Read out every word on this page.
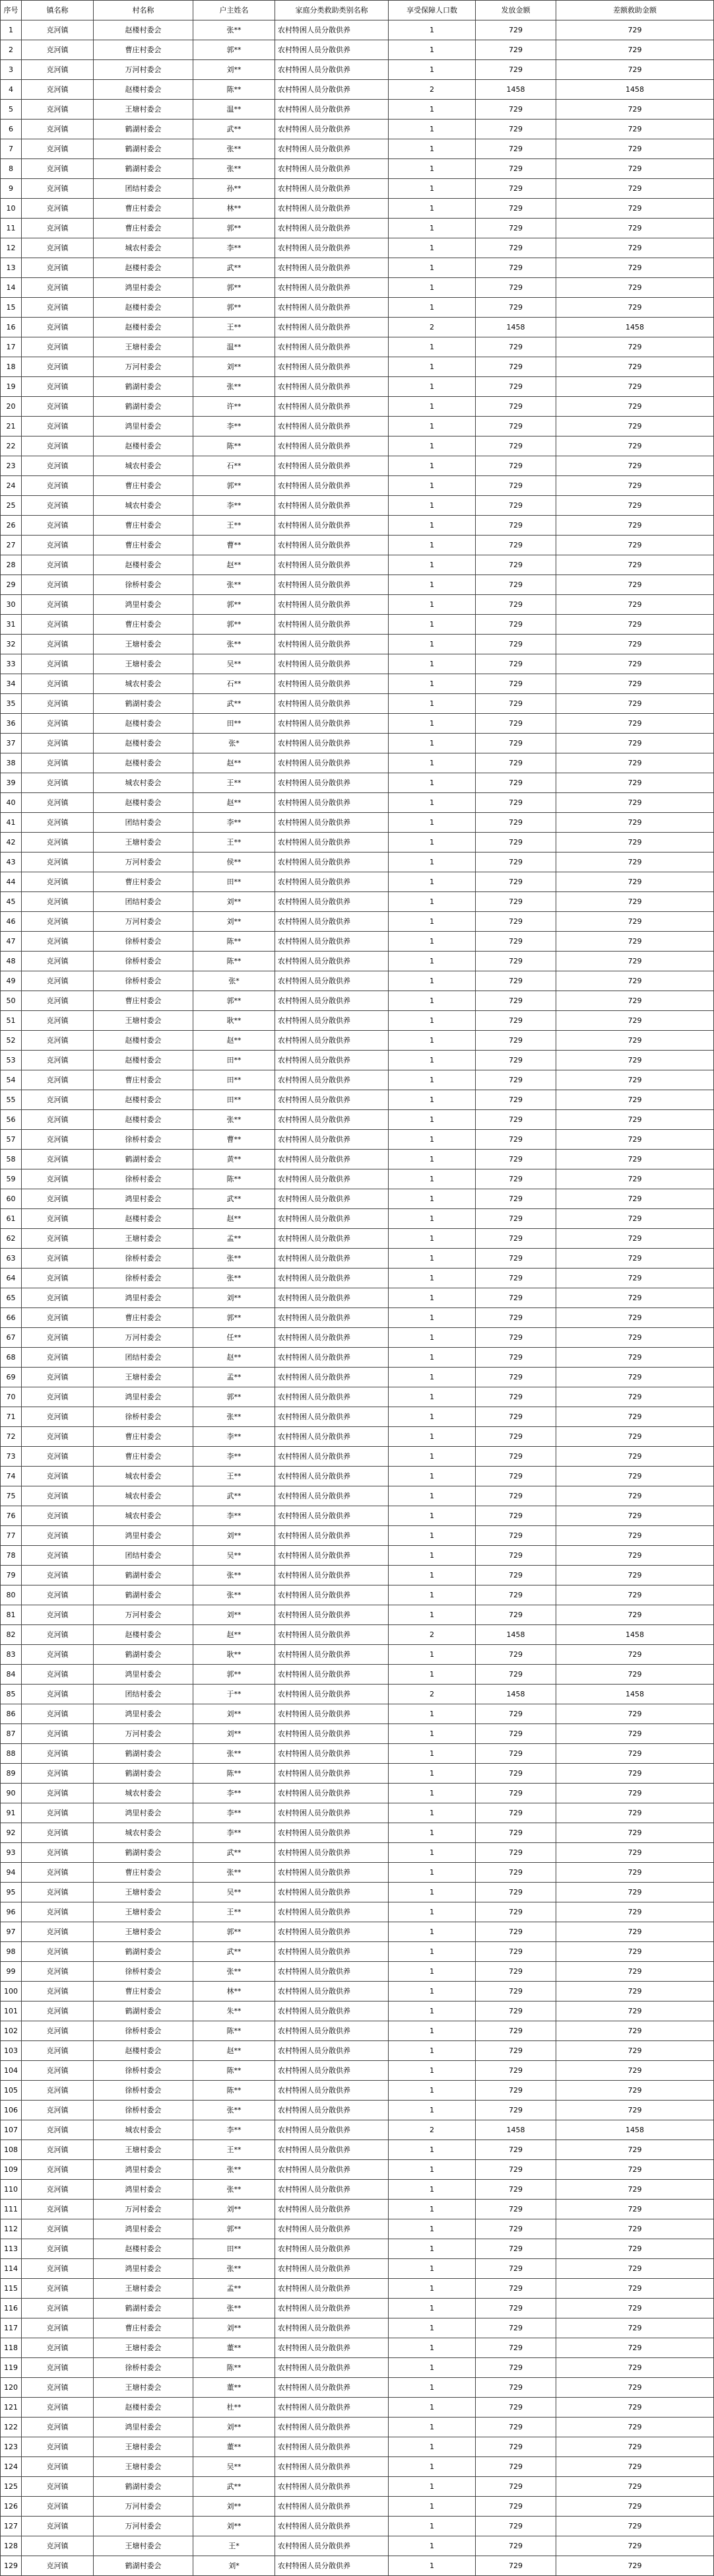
序号	镇名称	村名称	户主姓名	家庭分类救助类别名称	享受保障人口数	发放金额	差额救助金额
1	克河镇	赵楼村委会	张**	农村特困人员分散供养	1	729	729
2	克河镇	曹庄村委会	郭**	农村特困人员分散供养	1	729	729
3	克河镇	万河村委会	刘**	农村特困人员分散供养	1	729	729
4	克河镇	赵楼村委会	陈**	农村特困人员分散供养	2	1458	1458
5	克河镇	王塘村委会	温**	农村特困人员分散供养	1	729	729
6	克河镇	鹤湖村委会	武**	农村特困人员分散供养	1	729	729
7	克河镇	鹤湖村委会	张**	农村特困人员分散供养	1	729	729
8	克河镇	鹤湖村委会	张**	农村特困人员分散供养	1	729	729
9	克河镇	团结村委会	孙**	农村特困人员分散供养	1	729	729
10	克河镇	曹庄村委会	林**	农村特困人员分散供养	1	729	729
11	克河镇	曹庄村委会	郭**	农村特困人员分散供养	1	729	729
12	克河镇	城农村委会	李**	农村特困人员分散供养	1	729	729
13	克河镇	赵楼村委会	武**	农村特困人员分散供养	1	729	729
14	克河镇	鸿里村委会	郭**	农村特困人员分散供养	1	729	729
15	克河镇	赵楼村委会	郭**	农村特困人员分散供养	1	729	729
16	克河镇	赵楼村委会	王**	农村特困人员分散供养	2	1458	1458
17	克河镇	王塘村委会	温**	农村特困人员分散供养	1	729	729
18	克河镇	万河村委会	刘**	农村特困人员分散供养	1	729	729
19	克河镇	鹤湖村委会	张**	农村特困人员分散供养	1	729	729
20	克河镇	鹤湖村委会	许**	农村特困人员分散供养	1	729	729
21	克河镇	鸿里村委会	李**	农村特困人员分散供养	1	729	729
22	克河镇	赵楼村委会	陈**	农村特困人员分散供养	1	729	729
23	克河镇	城农村委会	石**	农村特困人员分散供养	1	729	729
24	克河镇	曹庄村委会	郭**	农村特困人员分散供养	1	729	729
25	克河镇	城农村委会	李**	农村特困人员分散供养	1	729	729
26	克河镇	曹庄村委会	王**	农村特困人员分散供养	1	729	729
27	克河镇	曹庄村委会	曹**	农村特困人员分散供养	1	729	729
28	克河镇	赵楼村委会	赵**	农村特困人员分散供养	1	729	729
29	克河镇	徐桥村委会	张**	农村特困人员分散供养	1	729	729
30	克河镇	鸿里村委会	郭**	农村特困人员分散供养	1	729	729
31	克河镇	曹庄村委会	郭**	农村特困人员分散供养	1	729	729
32	克河镇	王塘村委会	张**	农村特困人员分散供养	1	729	729
33	克河镇	王塘村委会	吴**	农村特困人员分散供养	1	729	729
34	克河镇	城农村委会	石**	农村特困人员分散供养	1	729	729
35	克河镇	鹤湖村委会	武**	农村特困人员分散供养	1	729	729
36	克河镇	赵楼村委会	田**	农村特困人员分散供养	1	729	729
37	克河镇	赵楼村委会	张*	农村特困人员分散供养	1	729	729
38	克河镇	赵楼村委会	赵**	农村特困人员分散供养	1	729	729
39	克河镇	城农村委会	王**	农村特困人员分散供养	1	729	729
40	克河镇	赵楼村委会	赵**	农村特困人员分散供养	1	729	729
41	克河镇	团结村委会	李**	农村特困人员分散供养	1	729	729
42	克河镇	王塘村委会	王**	农村特困人员分散供养	1	729	729
43	克河镇	万河村委会	侯**	农村特困人员分散供养	1	729	729
44	克河镇	曹庄村委会	田**	农村特困人员分散供养	1	729	729
45	克河镇	团结村委会	刘**	农村特困人员分散供养	1	729	729
46	克河镇	万河村委会	刘**	农村特困人员分散供养	1	729	729
47	克河镇	徐桥村委会	陈**	农村特困人员分散供养	1	729	729
48	克河镇	徐桥村委会	陈**	农村特困人员分散供养	1	729	729
49	克河镇	徐桥村委会	张*	农村特困人员分散供养	1	729	729
50	克河镇	曹庄村委会	郭**	农村特困人员分散供养	1	729	729
51	克河镇	王塘村委会	耿**	农村特困人员分散供养	1	729	729
52	克河镇	赵楼村委会	赵**	农村特困人员分散供养	1	729	729
53	克河镇	赵楼村委会	田**	农村特困人员分散供养	1	729	729
54	克河镇	曹庄村委会	田**	农村特困人员分散供养	1	729	729
55	克河镇	赵楼村委会	田**	农村特困人员分散供养	1	729	729
56	克河镇	赵楼村委会	张**	农村特困人员分散供养	1	729	729
57	克河镇	徐桥村委会	曹**	农村特困人员分散供养	1	729	729
58	克河镇	鹤湖村委会	黄**	农村特困人员分散供养	1	729	729
59	克河镇	徐桥村委会	陈**	农村特困人员分散供养	1	729	729
60	克河镇	鸿里村委会	武**	农村特困人员分散供养	1	729	729
61	克河镇	赵楼村委会	赵**	农村特困人员分散供养	1	729	729
62	克河镇	王塘村委会	孟**	农村特困人员分散供养	1	729	729
63	克河镇	徐桥村委会	张**	农村特困人员分散供养	1	729	729
64	克河镇	徐桥村委会	张**	农村特困人员分散供养	1	729	729
65	克河镇	鸿里村委会	刘**	农村特困人员分散供养	1	729	729
66	克河镇	曹庄村委会	郭**	农村特困人员分散供养	1	729	729
67	克河镇	万河村委会	任**	农村特困人员分散供养	1	729	729
68	克河镇	团结村委会	赵**	农村特困人员分散供养	1	729	729
69	克河镇	王塘村委会	孟**	农村特困人员分散供养	1	729	729
70	克河镇	鸿里村委会	郭**	农村特困人员分散供养	1	729	729
71	克河镇	徐桥村委会	张**	农村特困人员分散供养	1	729	729
72	克河镇	曹庄村委会	李**	农村特困人员分散供养	1	729	729
73	克河镇	曹庄村委会	李**	农村特困人员分散供养	1	729	729
74	克河镇	城农村委会	王**	农村特困人员分散供养	1	729	729
75	克河镇	城农村委会	武**	农村特困人员分散供养	1	729	729
76	克河镇	城农村委会	李**	农村特困人员分散供养	1	729	729
77	克河镇	鸿里村委会	刘**	农村特困人员分散供养	1	729	729
78	克河镇	团结村委会	吴**	农村特困人员分散供养	1	729	729
79	克河镇	鹤湖村委会	张**	农村特困人员分散供养	1	729	729
80	克河镇	鹤湖村委会	张**	农村特困人员分散供养	1	729	729
81	克河镇	万河村委会	刘**	农村特困人员分散供养	1	729	729
82	克河镇	赵楼村委会	赵**	农村特困人员分散供养	2	1458	1458
83	克河镇	鹤湖村委会	耿**	农村特困人员分散供养	1	729	729
84	克河镇	鸿里村委会	郭**	农村特困人员分散供养	1	729	729
85	克河镇	团结村委会	于**	农村特困人员分散供养	2	1458	1458
86	克河镇	鸿里村委会	刘**	农村特困人员分散供养	1	729	729
87	克河镇	万河村委会	刘**	农村特困人员分散供养	1	729	729
88	克河镇	鹤湖村委会	张**	农村特困人员分散供养	1	729	729
89	克河镇	鹤湖村委会	陈**	农村特困人员分散供养	1	729	729
90	克河镇	城农村委会	李**	农村特困人员分散供养	1	729	729
91	克河镇	鸿里村委会	李**	农村特困人员分散供养	1	729	729
92	克河镇	城农村委会	李**	农村特困人员分散供养	1	729	729
93	克河镇	鹤湖村委会	武**	农村特困人员分散供养	1	729	729
94	克河镇	曹庄村委会	张**	农村特困人员分散供养	1	729	729
95	克河镇	王塘村委会	吴**	农村特困人员分散供养	1	729	729
96	克河镇	王塘村委会	王**	农村特困人员分散供养	1	729	729
97	克河镇	王塘村委会	郭**	农村特困人员分散供养	1	729	729
98	克河镇	鹤湖村委会	武**	农村特困人员分散供养	1	729	729
99	克河镇	徐桥村委会	张**	农村特困人员分散供养	1	729	729
100	克河镇	曹庄村委会	林**	农村特困人员分散供养	1	729	729
101	克河镇	鹤湖村委会	朱**	农村特困人员分散供养	1	729	729
102	克河镇	徐桥村委会	陈**	农村特困人员分散供养	1	729	729
103	克河镇	赵楼村委会	赵**	农村特困人员分散供养	1	729	729
104	克河镇	徐桥村委会	陈**	农村特困人员分散供养	1	729	729
105	克河镇	徐桥村委会	陈**	农村特困人员分散供养	1	729	729
106	克河镇	徐桥村委会	张**	农村特困人员分散供养	1	729	729
107	克河镇	城农村委会	李**	农村特困人员分散供养	2	1458	1458
108	克河镇	王塘村委会	王**	农村特困人员分散供养	1	729	729
109	克河镇	鸿里村委会	张**	农村特困人员分散供养	1	729	729
110	克河镇	鸿里村委会	张**	农村特困人员分散供养	1	729	729
111	克河镇	万河村委会	刘**	农村特困人员分散供养	1	729	729
112	克河镇	鸿里村委会	郭**	农村特困人员分散供养	1	729	729
113	克河镇	赵楼村委会	田**	农村特困人员分散供养	1	729	729
114	克河镇	鸿里村委会	张**	农村特困人员分散供养	1	729	729
115	克河镇	王塘村委会	孟**	农村特困人员分散供养	1	729	729
116	克河镇	鹤湖村委会	张**	农村特困人员分散供养	1	729	729
117	克河镇	曹庄村委会	刘**	农村特困人员分散供养	1	729	729
118	克河镇	王塘村委会	董**	农村特困人员分散供养	1	729	729
119	克河镇	徐桥村委会	陈**	农村特困人员分散供养	1	729	729
120	克河镇	王塘村委会	董**	农村特困人员分散供养	1	729	729
121	克河镇	赵楼村委会	杜**	农村特困人员分散供养	1	729	729
122	克河镇	鸿里村委会	刘**	农村特困人员分散供养	1	729	729
123	克河镇	王塘村委会	董**	农村特困人员分散供养	1	729	729
124	克河镇	王塘村委会	吴**	农村特困人员分散供养	1	729	729
125	克河镇	鹤湖村委会	武**	农村特困人员分散供养	1	729	729
126	克河镇	万河村委会	刘**	农村特困人员分散供养	1	729	729
127	克河镇	万河村委会	刘**	农村特困人员分散供养	1	729	729
128	克河镇	王塘村委会	王*	农村特困人员分散供养	1	729	729
129	克河镇	鹤湖村委会	刘*	农村特困人员分散供养	1	729	729
